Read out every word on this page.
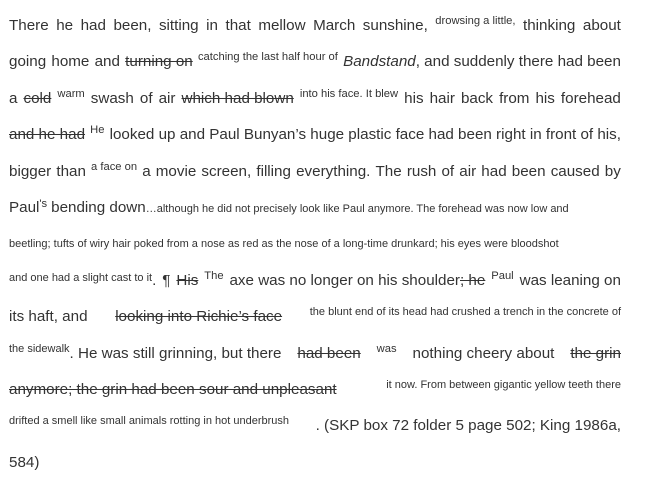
There he had been, sitting in that mellow March sunshine, drowsing a little, thinking about
going home and turning on catching the last half hour of Bandstand, and suddenly there had been
a cold warm swash of air which had blown into his face. It blew his hair back from his forehead
and he had He looked up and Paul Bunyan’s huge plastic face had been right in front of his,
bigger than a face on a movie screen, filling everything. The rush of air had been caused by
Paul 's bending down …although he did not precisely look like Paul anymore. The forehead was now low and
beetling; tufts of wiry hair poked from a nose as red as the nose of a long-time drunkard; his eyes were bloodshot
$^{and one had a slight cast to it}$. ¶ His The axe was no longer on his shoulder; he Paul was leaning on
its haft, and looking into Richie’s face	the blunt end of its head had crushed a trench in the concrete of
$^{the sidewalk}$. He was still grinning, but there had been was nothing cheery about the grin
anymore; the grin had been sour and unpleasant	it now. From between gigantic yellow teeth there
drifted a smell like small animals rotting in hot underbrush . (SKP box 72 folder 5 page 502; King 1986a,
584)
